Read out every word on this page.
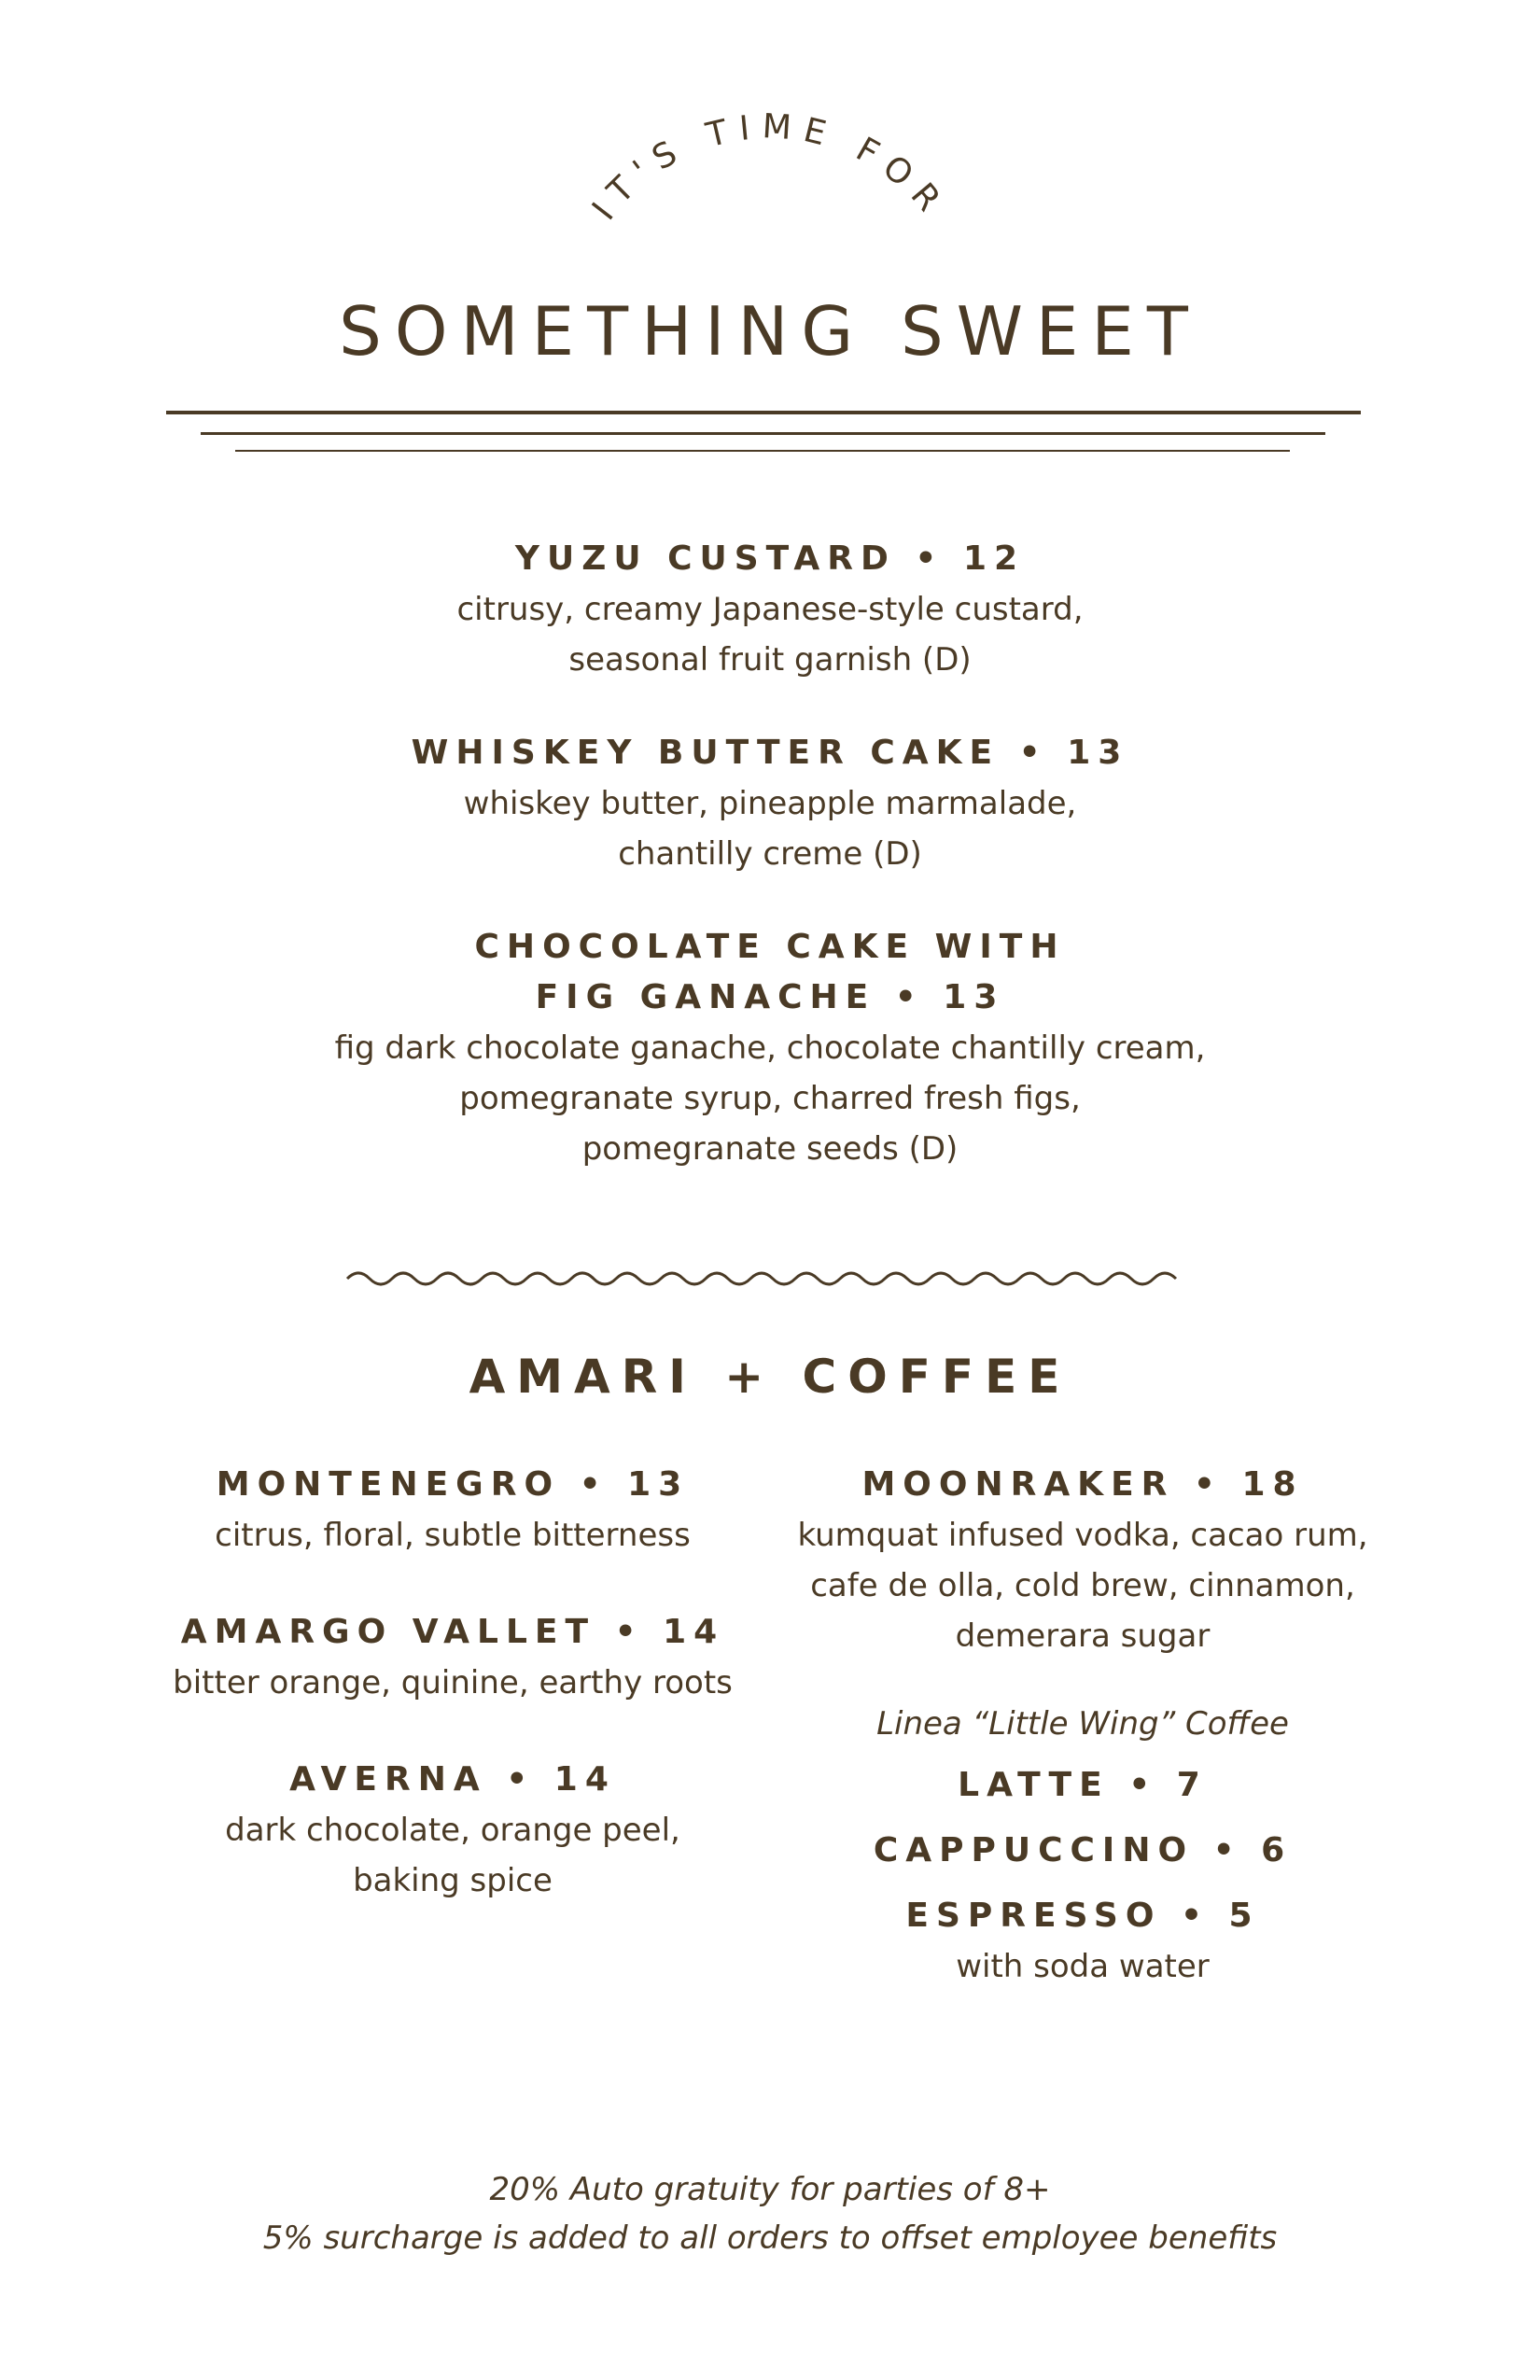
IT'S TIME FOR
SOMETHING SWEET

YUZU CUSTARD • 12

citrusy, creamy Japanese-style custard,

seasonal fruit garnish (D)

WHISKEY BUTTER CAKE • 13

whiskey butter, pineapple marmalade,

chantilly creme (D)

CHOCOLATE CAKE WITH

FIG GANACHE • 13

fig dark chocolate ganache, chocolate chantilly cream,

pomegranate syrup, charred fresh figs,

pomegranate seeds (D)

AMARI + COFFEE

MONTENEGRO • 13

citrus, floral, subtle bitterness

AMARGO VALLET • 14

bitter orange, quinine, earthy roots

AVERNA • 14

dark chocolate, orange peel,

baking spice

MOONRAKER • 18

kumquat infused vodka, cacao rum,

cafe de olla, cold brew, cinnamon,

demerara sugar

Linea “Little Wing” Coffee

LATTE • 7

CAPPUCCINO • 6

ESPRESSO • 5

with soda water

20% Auto gratuity for parties of 8+

5% surcharge is added to all orders to offset employee benefits
